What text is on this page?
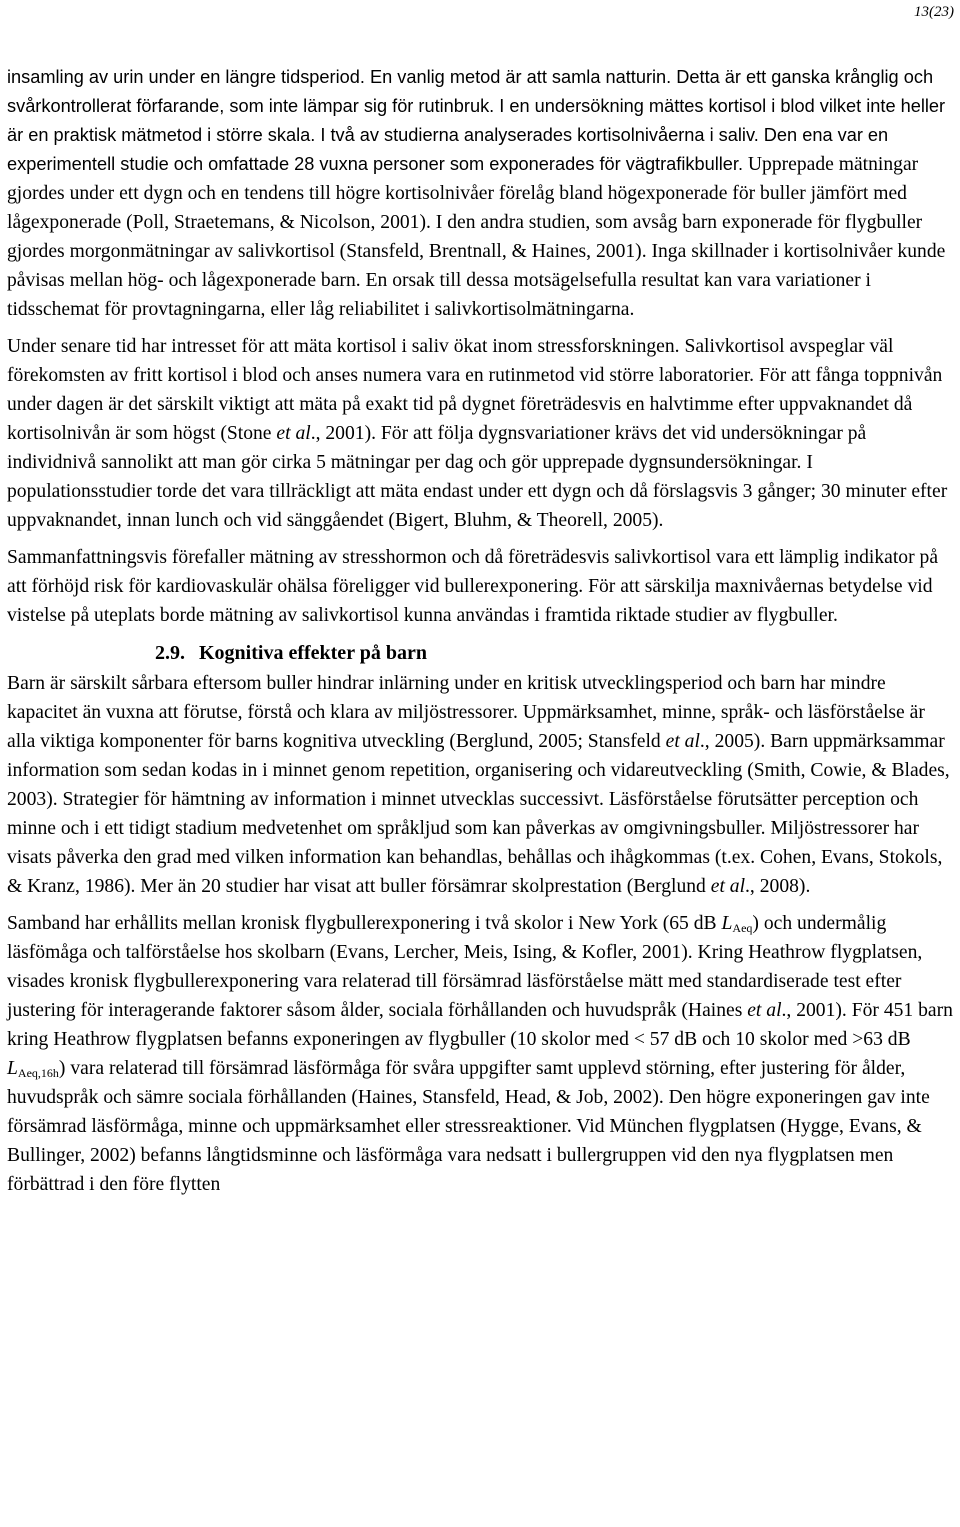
13(23)

insamling av urin under en längre tidsperiod. En vanlig metod är att samla natturin. Detta är ett ganska krånglig och svårkontrollerat förfarande, som inte lämpar sig för rutinbruk. I en undersökning mättes kortisol i blod vilket inte heller är en praktisk mätmetod i större skala. I två av studierna analyserades kortisolnivåerna i saliv. Den ena var en experimentell studie och omfattade 28 vuxna personer som exponerades för vägtrafikbuller. Upprepade mätningar gjordes under ett dygn och en tendens till högre kortisolnivåer förelåg bland högexponerade för buller jämfört med lågexponerade (Poll, Straetemans, & Nicolson, 2001). I den andra studien, som avsåg barn exponerade för flygbuller gjordes morgonmätningar av salivkortisol (Stansfeld, Brentnall, & Haines, 2001). Inga skillnader i kortisolnivåer kunde påvisas mellan hög- och lågexponerade barn. En orsak till dessa motsägelsefulla resultat kan vara variationer i tidsschemat för provtagningarna, eller låg reliabilitet i salivkortisolmätningarna.

Under senare tid har intresset för att mäta kortisol i saliv ökat inom stressforskningen. Salivkortisol avspeglar väl förekomsten av fritt kortisol i blod och anses numera vara en rutinmetod vid större laboratorier. För att fånga toppnivån under dagen är det särskilt viktigt att mäta på exakt tid på dygnet företrädesvis en halvtimme efter uppvaknandet då kortisolnivån är som högst (Stone et al., 2001). För att följa dygnsvariationer krävs det vid undersökningar på individnivå sannolikt att man gör cirka 5 mätningar per dag och gör upprepade dygnsundersökningar. I populationsstudier torde det vara tillräckligt att mäta endast under ett dygn och då förslagsvis 3 gånger; 30 minuter efter uppvaknandet, innan lunch och vid sänggåendet (Bigert, Bluhm, & Theorell, 2005).

Sammanfattningsvis förefaller mätning av stresshormon och då företrädesvis salivkortisol vara ett lämplig indikator på att förhöjd risk för kardiovaskulär ohälsa föreligger vid bullerexponering. För att särskilja maxnivåernas betydelse vid vistelse på uteplats borde mätning av salivkortisol kunna användas i framtida riktade studier av flygbuller.

2.9. Kognitiva effekter på barn

Barn är särskilt sårbara eftersom buller hindrar inlärning under en kritisk utvecklingsperiod och barn har mindre kapacitet än vuxna att förutse, förstå och klara av miljöstressorer. Uppmärksamhet, minne, språk- och läsförståelse är alla viktiga komponenter för barns kognitiva utveckling (Berglund, 2005; Stansfeld et al., 2005). Barn uppmärksammar information som sedan kodas in i minnet genom repetition, organisering och vidareutveckling (Smith, Cowie, & Blades, 2003). Strategier för hämtning av information i minnet utvecklas successivt. Läsförståelse förutsätter perception och minne och i ett tidigt stadium medvetenhet om språkljud som kan påverkas av omgivningsbuller. Miljöstressorer har visats påverka den grad med vilken information kan behandlas, behållas och ihågkommas (t.ex. Cohen, Evans, Stokols, & Kranz, 1986). Mer än 20 studier har visat att buller försämrar skolprestation (Berglund et al., 2008).

Samband har erhållits mellan kronisk flygbullerexponering i två skolor i New York (65 dB $L_{Aeq}$) och undermålig läsfömåga och talförståelse hos skolbarn (Evans, Lercher, Meis, Ising, & Kofler, 2001). Kring Heathrow flygplatsen, visades kronisk flygbullerexponering vara relaterad till försämrad läsförståelse mätt med standardiserade test efter justering för interagerande faktorer såsom ålder, sociala förhållanden och huvudspråk (Haines et al., 2001). För 451 barn kring Heathrow flygplatsen befanns exponeringen av flygbuller (10 skolor med < 57 dB och 10 skolor med >63 dB $L_{Aeq,16h}$) vara relaterad till försämrad läsförmåga för svåra uppgifter samt upplevd störning, efter justering för ålder, huvudspråk och sämre sociala förhållanden (Haines, Stansfeld, Head, & Job, 2002). Den högre exponeringen gav inte försämrad läsförmåga, minne och uppmärksamhet eller stressreaktioner. Vid München flygplatsen (Hygge, Evans, & Bullinger, 2002) befanns långtidsminne och läsförmåga vara nedsatt i bullergruppen vid den nya flygplatsen men förbättrad i den före flytten
